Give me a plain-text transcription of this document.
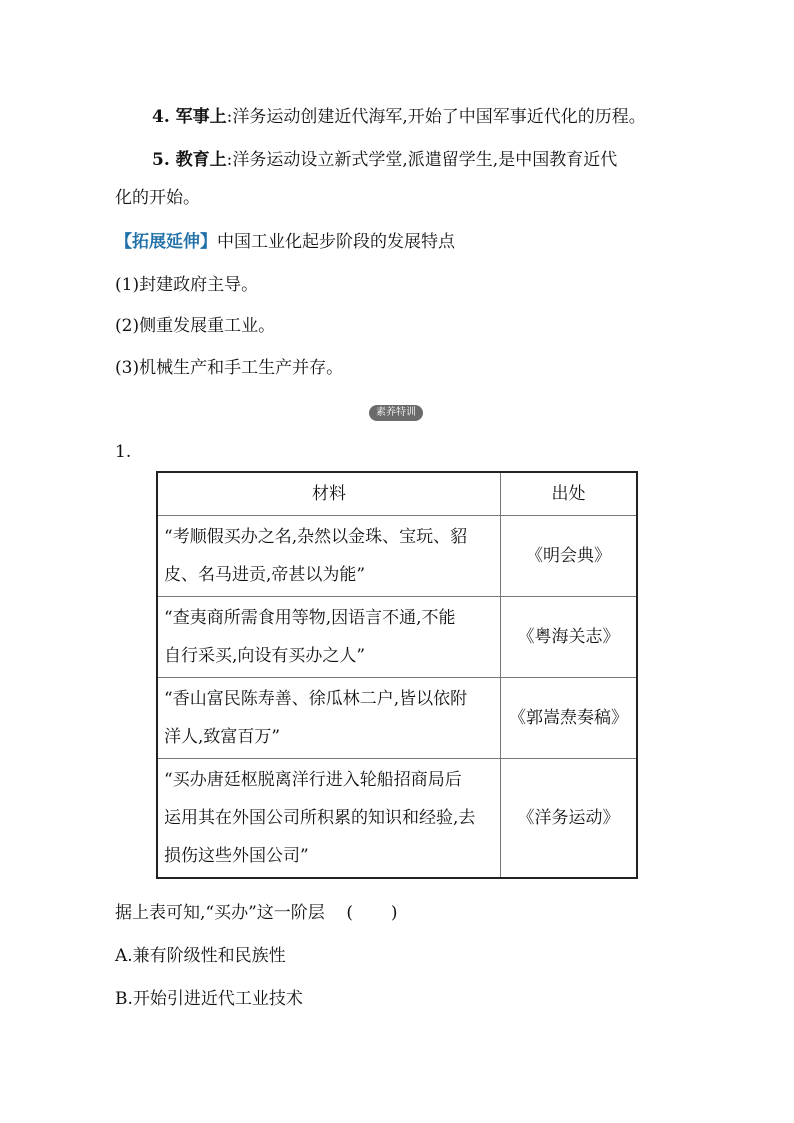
4. 军事上:洋务运动创建近代海军,开始了中国军事近代化的历程。
5. 教育上:洋务运动设立新式学堂,派遣留学生,是中国教育近代
化的开始。
【拓展延伸】中国工业化起步阶段的发展特点
(1)封建政府主导。
(2)侧重发展重工业。
(3)机械生产和手工生产并存。
素养特训
1.
材料	出处

“考顺假买办之名,杂然以金珠、宝玩、貂
皮、名马进贡,帝甚以为能”	《明会典》

“查夷商所需食用等物,因语言不通,不能
自行采买,向设有买办之人”	《粤海关志》

“香山富民陈寿善、徐瓜林二户,皆以依附
洋人,致富百万”	《郭嵩焘奏稿》

“买办唐廷枢脱离洋行进入轮船招商局后
运用其在外国公司所积累的知识和经验,去
损伤这些外国公司”	《洋务运动》
据上表可知,“买办”这一阶层    (       )
A.兼有阶级性和民族性
B.开始引进近代工业技术
